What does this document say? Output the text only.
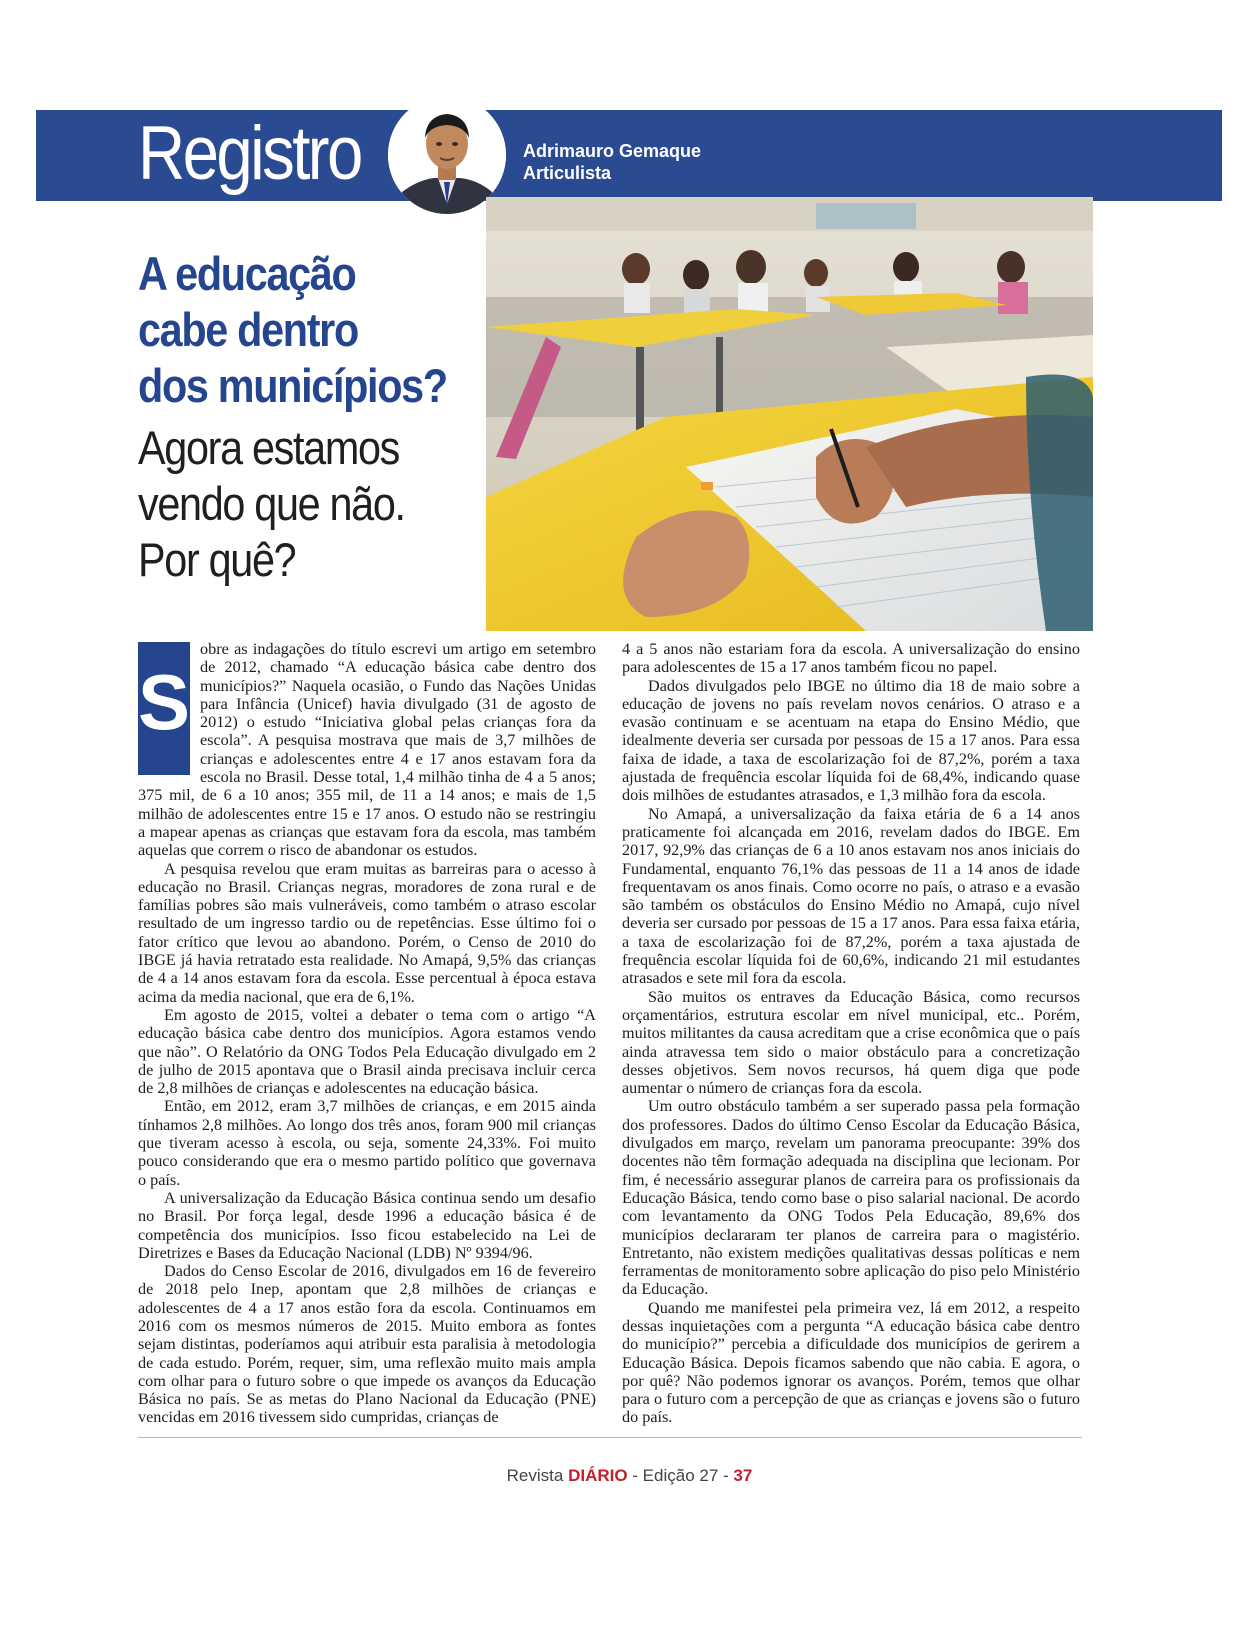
Registro	Adrimauro Gemaque
Articulista
A educação
cabe dentro
dos municípios?
Agora estamos
vendo que não.
Por quê?
S

obre as indagações do título escrevi um artigo em setembro de 2012, chamado “A educação básica cabe dentro dos municípios?” Naquela ocasião, o Fundo das Nações Unidas para Infância (Unicef) havia divulgado (31 de agosto de 2012) o estudo “Iniciativa global pelas crianças fora da escola”. A pesquisa mostrava que mais de 3,7 milhões de crianças e adolescentes entre 4 e 17 anos estavam fora da escola no Brasil. Desse total, 1,4 milhão tinha de 4 a 5 anos; 375 mil, de 6 a 10 anos; 355 mil, de 11 a 14 anos; e mais de 1,5 milhão de adolescentes entre 15 e 17 anos. O estudo não se restringiu a mapear apenas as crianças que estavam fora da escola, mas também aquelas que correm o risco de abandonar os estudos.

A pesquisa revelou que eram muitas as barreiras para o acesso à educação no Brasil. Crianças negras, moradores de zona rural e de famílias pobres são mais vulneráveis, como também o atraso escolar resultado de um ingresso tardio ou de repetências. Esse último foi o fator crítico que levou ao abandono. Porém, o Censo de 2010 do IBGE já havia retratado esta realidade. No Amapá, 9,5% das crianças de 4 a 14 anos estavam fora da escola. Esse percentual à época estava acima da media nacional, que era de 6,1%.

Em agosto de 2015, voltei a debater o tema com o artigo “A educação básica cabe dentro dos municípios. Agora estamos vendo que não”. O Relatório da ONG Todos Pela Educação divulgado em 2 de julho de 2015 apontava que o Brasil ainda precisava incluir cerca de 2,8 milhões de crianças e adolescentes na educação básica.

Então, em 2012, eram 3,7 milhões de crianças, e em 2015 ainda tínhamos 2,8 milhões. Ao longo dos três anos, foram 900 mil crianças que tiveram acesso à escola, ou seja, somente 24,33%. Foi muito pouco considerando que era o mesmo partido político que governava o país.

A universalização da Educação Básica continua sendo um desafio no Brasil. Por força legal, desde 1996 a educação básica é de competência dos municípios. Isso ficou estabelecido na Lei de Diretrizes e Bases da Educação Nacional (LDB) Nº 9394/96.

Dados do Censo Escolar de 2016, divulgados em 16 de fevereiro de 2018 pelo Inep, apontam que 2,8 milhões de crianças e adolescentes de 4 a 17 anos estão fora da escola. Continuamos em 2016 com os mesmos números de 2015. Muito embora as fontes sejam distintas, poderíamos aqui atribuir esta paralisia à metodologia de cada estudo. Porém, requer, sim, uma reflexão muito mais ampla com olhar para o futuro sobre o que impede os avanços da Educação Básica no país. Se as metas do Plano Nacional da Educação (PNE) vencidas em 2016 tivessem sido cumpridas, crianças de

4 a 5 anos não estariam fora da escola. A universalização do ensino para adolescentes de 15 a 17 anos também ficou no papel.

Dados divulgados pelo IBGE no último dia 18 de maio sobre a educação de jovens no país revelam novos cenários. O atraso e a evasão continuam e se acentuam na etapa do Ensino Médio, que idealmente deveria ser cursada por pessoas de 15 a 17 anos. Para essa faixa de idade, a taxa de escolarização foi de 87,2%, porém a taxa ajustada de frequência escolar líquida foi de 68,4%, indicando quase dois milhões de estudantes atrasados, e 1,3 milhão fora da escola.

No Amapá, a universalização da faixa etária de 6 a 14 anos praticamente foi alcançada em 2016, revelam dados do IBGE. Em 2017, 92,9% das crianças de 6 a 10 anos estavam nos anos iniciais do Fundamental, enquanto 76,1% das pessoas de 11 a 14 anos de idade frequentavam os anos finais. Como ocorre no país, o atraso e a evasão são também os obstáculos do Ensino Médio no Amapá, cujo nível deveria ser cursado por pessoas de 15 a 17 anos. Para essa faixa etária, a taxa de escolarização foi de 87,2%, porém a taxa ajustada de frequência escolar líquida foi de 60,6%, indicando 21 mil estudantes atrasados e sete mil fora da escola.

São muitos os entraves da Educação Básica, como recursos orçamentários, estrutura escolar em nível municipal, etc.. Porém, muitos militantes da causa acreditam que a crise econômica que o país ainda atravessa tem sido o maior obstáculo para a concretização desses objetivos. Sem novos recursos, há quem diga que pode aumentar o número de crianças fora da escola.

Um outro obstáculo também a ser superado passa pela formação dos professores. Dados do último Censo Escolar da Educação Básica, divulgados em março, revelam um panorama preocupante: 39% dos docentes não têm formação adequada na disciplina que lecionam. Por fim, é necessário assegurar planos de carreira para os profissionais da Educação Básica, tendo como base o piso salarial nacional. De acordo com levantamento da ONG Todos Pela Educação, 89,6% dos municípios declararam ter planos de carreira para o magistério. Entretanto, não existem medições qualitativas dessas políticas e nem ferramentas de monitoramento sobre aplicação do piso pelo Ministério da Educação.

Quando me manifestei pela primeira vez, lá em 2012, a respeito dessas inquietações com a pergunta “A educação básica cabe dentro do município?” percebia a dificuldade dos municípios de gerirem a Educação Básica. Depois ficamos sabendo que não cabia. E agora, o por quê? Não podemos ignorar os avanços. Porém, temos que olhar para o futuro com a percepção de que as crianças e jovens são o futuro do país.

Revista DIÁRIO - Edição 27 - 37
